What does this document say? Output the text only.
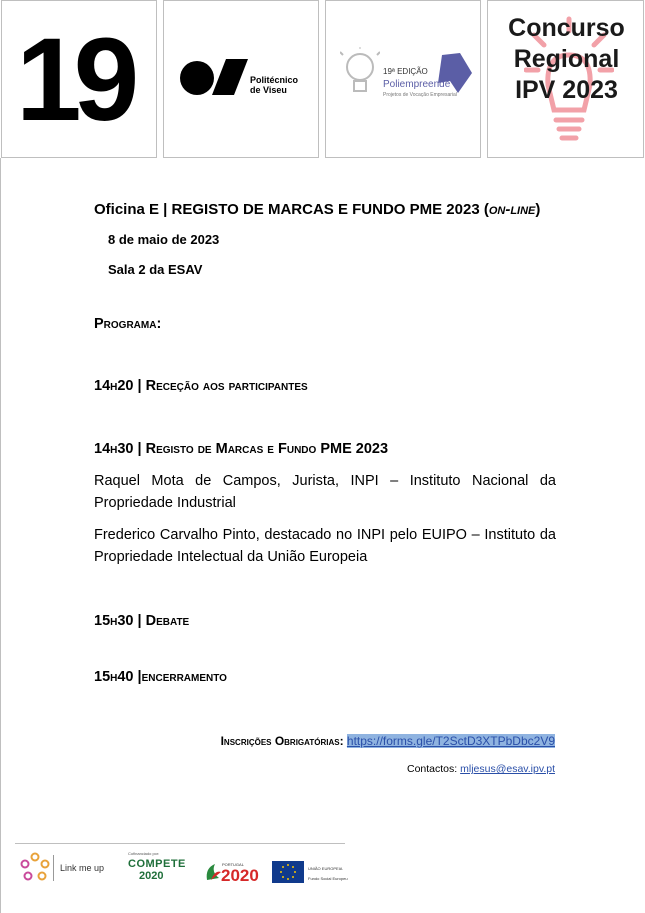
19	Politécnico
de Viseu
19ª EDIÇÃO
Poliempreende
Projetos de Vocação Empresarial
Concurso
Regional
IPV 2023
Oficina E | REGISTO DE MARCAS E FUNDO PME 2023 (on-line)
8 de maio de 2023
Sala 2 da ESAV
Programa:
14h20 | Receção aos participantes
14h30 | Registo de Marcas e Fundo PME 2023
Raquel Mota de Campos, Jurista, INPI – Instituto Nacional da Propriedade Industrial
Frederico Carvalho Pinto, destacado no INPI pelo EUIPO – Instituto da Propriedade Intelectual da União Europeia
15h30 | Debate
15h40 |encerramento
Inscrições Obrigatórias: https://forms.gle/T2SctD3XTPbDbc2V9
Contactos: mljesus@esav.ipv.pt
Link me up
Cofinanciado por:
COMPETE
2020
PORTUGAL
2020	UNIÃO EUROPEIA
Fundo Social Europeu
